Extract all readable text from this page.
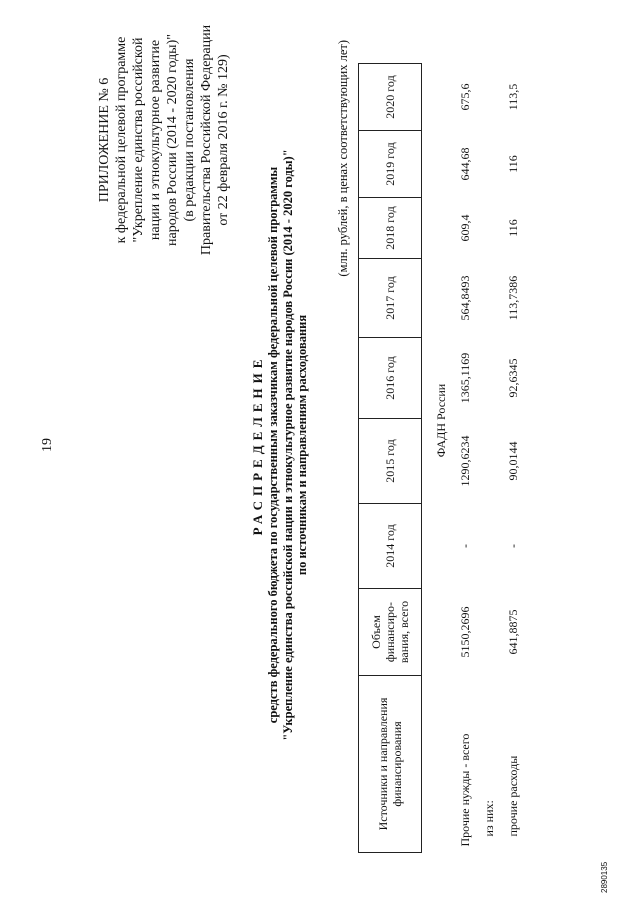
19
ПРИЛОЖЕНИЕ № 6 к федеральной целевой программе "Укрепление единства российской нации и этнокультурное развитие народов России (2014 - 2020 годы)" (в редакции постановления Правительства Российской Федерации от 22 февраля 2016 г. № 129)
РАСПРЕДЕЛЕНИЕ средств федерального бюджета по государственным заказчикам федеральной целевой программы "Укрепление единства российской нации и этнокультурное развитие народов России (2014 - 2020 годы)" по источникам и направлениям расходования
(млн. рублей, в ценах соответствующих лет)
Источники и направления финансирования	Объем финансиро-вания, всего	2014 год	2015 год	2016 год	2017 год	2018 год	2019 год	2020 год
			ФАДН России					
Прочие нужды - всего	5150,2696	-	1290,6234	1365,1169	564,8493	609,4	644,68	675,6
из них:								
прочие расходы	641,8875	-	90,0144	92,6345	113,7386	116	116	113,5
2890135
